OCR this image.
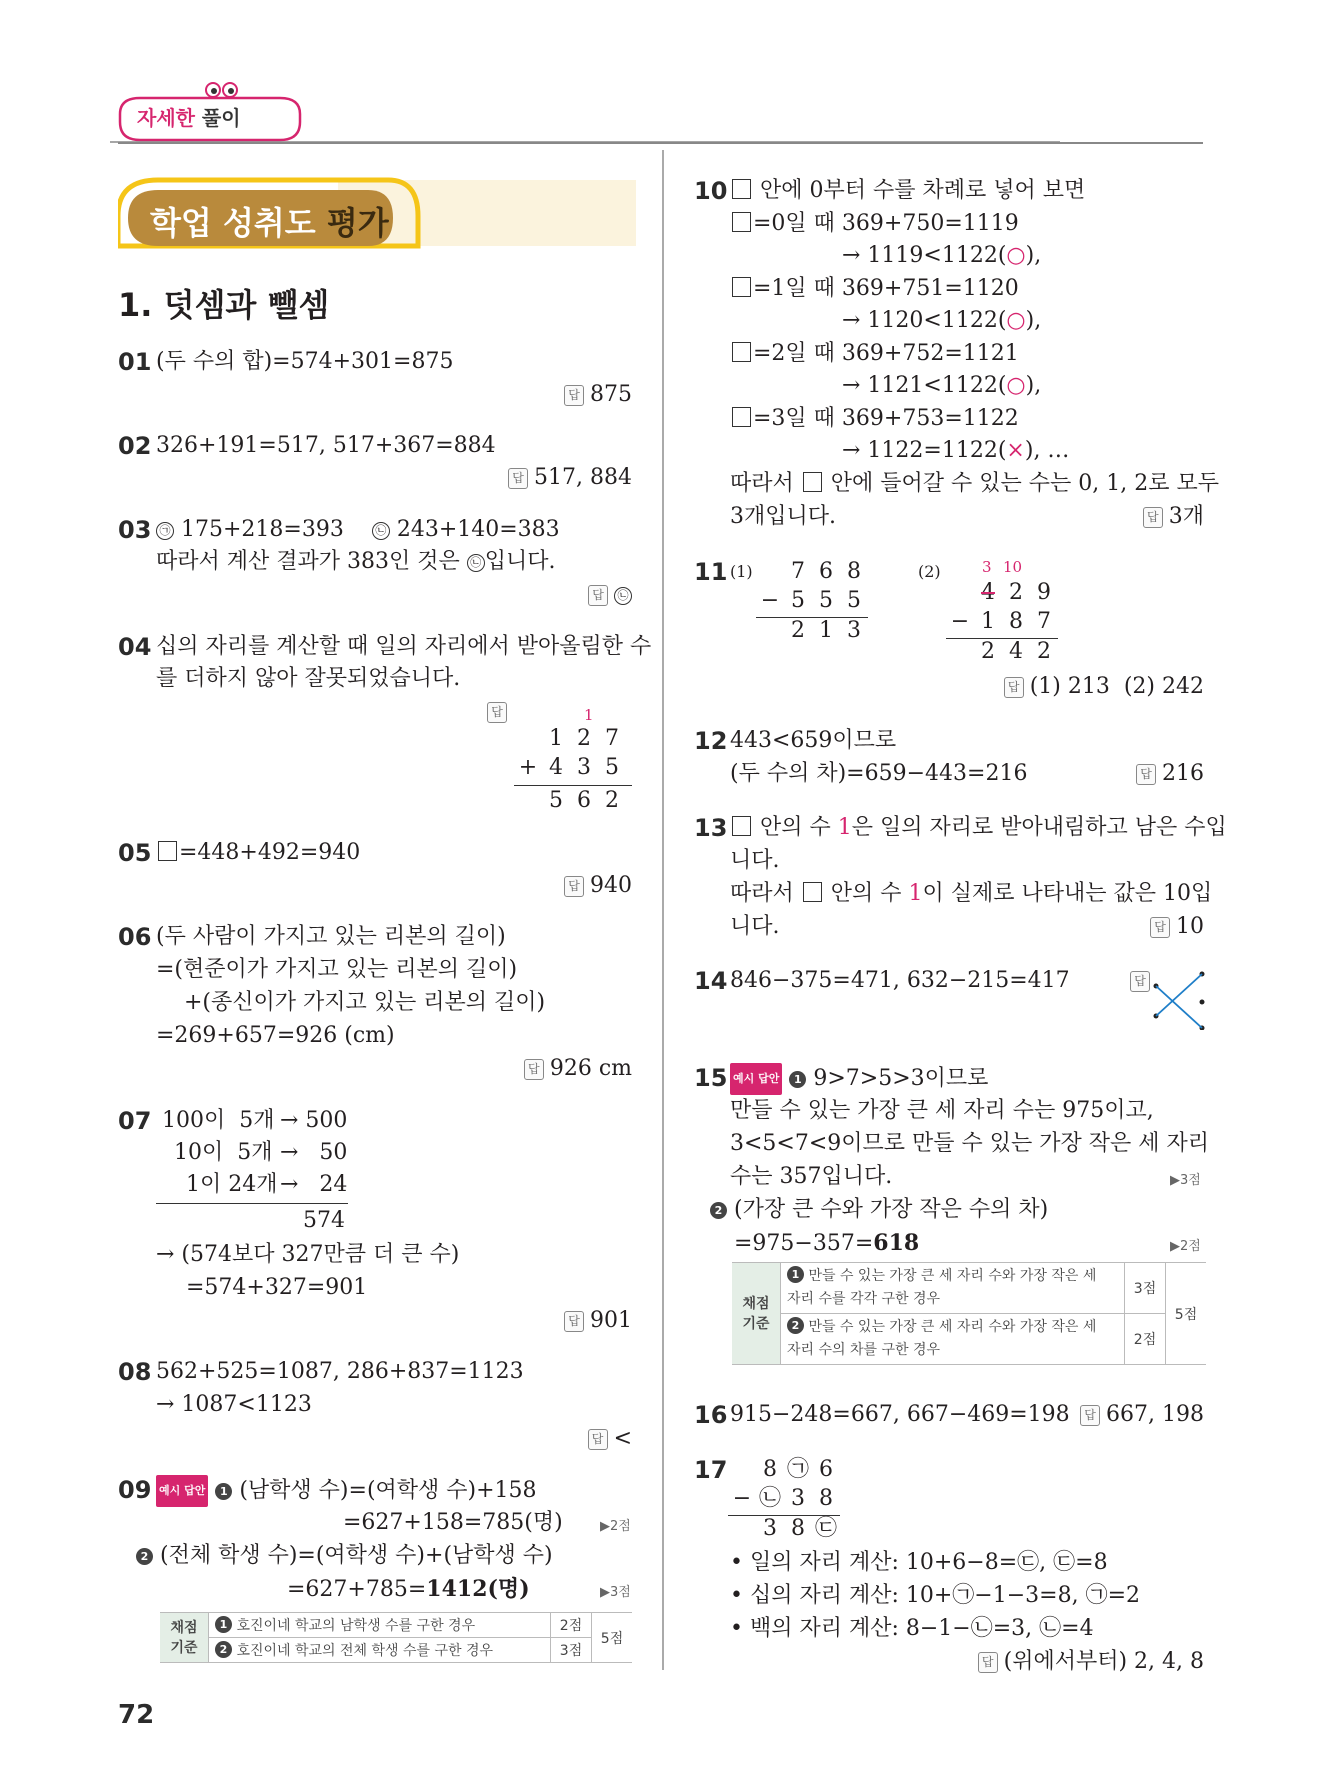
자세한 풀이
학업 성취도 평가
1. 덧셈과 뺄셈
01 (두 수의 합)=574+301=875
답 875
02 326+191=517, 517+367=884
답 517, 884
03 ㉠ 175+218=393	㉡ 243+140=383
따라서 계산 결과가 383인 것은 ㉡ 입니다.
답 ㉡
04 십의 자리를 계산할 때 일의 자리에서 받아올림한 수
를 더하지 않아 잘못되었습니다.
답	1
1 2 7
+ 4 3 5
5 6 2
05	=448+492=940
답 940
06 (두 사람이 가지고 있는 리본의 길이)
=(현준이가 가지고 있는 리본의 길이)
+(종신이가 가지고 있는 리본의 길이)
=269+657=926 (cm)
답 926 cm
07 100이  5개 → 500
10이  5개 →   50
1이 24개 →   24
574
→ (574보다 327만큼 더 큰 수)
=574+327=901
답 901
08 562+525=1087, 286+837=1123
→ 1087<1123
답 <
09 예시 답안 1 (남학생 수)=(여학생 수)+158
=627+158=785(명)	▶2점
2 (전체 학생 수)=(여학생 수)+(남학생 수)
=627+785=1412(명)	▶3점
채점
기준	1 호진이네 학교의 남학생 수를 구한 경우	2점	5점
	2 호진이네 학교의 전체 학생 수를 구한 경우	3점	
72
10	안에 0부터 수를 차례로 넣어 보면
=0일 때 369+750=1119
→ 1119<1122(○),
=1일 때 369+751=1120
→ 1120<1122(○),
=2일 때 369+752=1121
→ 1121<1122(○),
=3일 때 369+753=1122
→ 1122=1122(×), …
따라서  안에 들어갈 수 있는 수는 0, 1, 2로 모두
3개입니다.	답 3개
11 (1)	7 6 8
− 5 5 5
2 1 3
(2)	3 10
4 2 9
− 1 8 7
2 4 2
답 (1) 213  (2) 242
12 443<659이므로
(두 수의 차)=659−443=216	답 216
13	안의 수 1은 일의 자리로 받아내림하고 남은 수입
니다.
따라서  안의 수 1이 실제로 나타내는 값은 10입
니다.	답 10
14 846−375=471, 632−215=417	답
15 예시 답안 1 9>7>5>3이므로
만들 수 있는 가장 큰 세 자리 수는 975이고,
3<5<7<9이므로 만들 수 있는 가장 작은 세 자리
수는 357입니다.	▶3점
2 (가장 큰 수와 가장 작은 수의 차)
=975−357=618	▶2점
채점
기준	1 만들 수 있는 가장 큰 세 자리 수와 가장 작은 세
자리 수를 각각 구한 경우	3점	5점
	2 만들 수 있는 가장 큰 세 자리 수와 가장 작은 세
자리 수의 차를 구한 경우	2점	
16 915−248=667, 667−469=198	답 667, 198
17	8 ㉠ 6
− ㉡ 3 8
3 8 ㉢
• 일의 자리 계산: 10+6−8=㉢, ㉢=8
• 십의 자리 계산: 10+㉠−1−3=8, ㉠=2
• 백의 자리 계산: 8−1−㉡=3, ㉡=4
답 (위에서부터) 2, 4, 8
